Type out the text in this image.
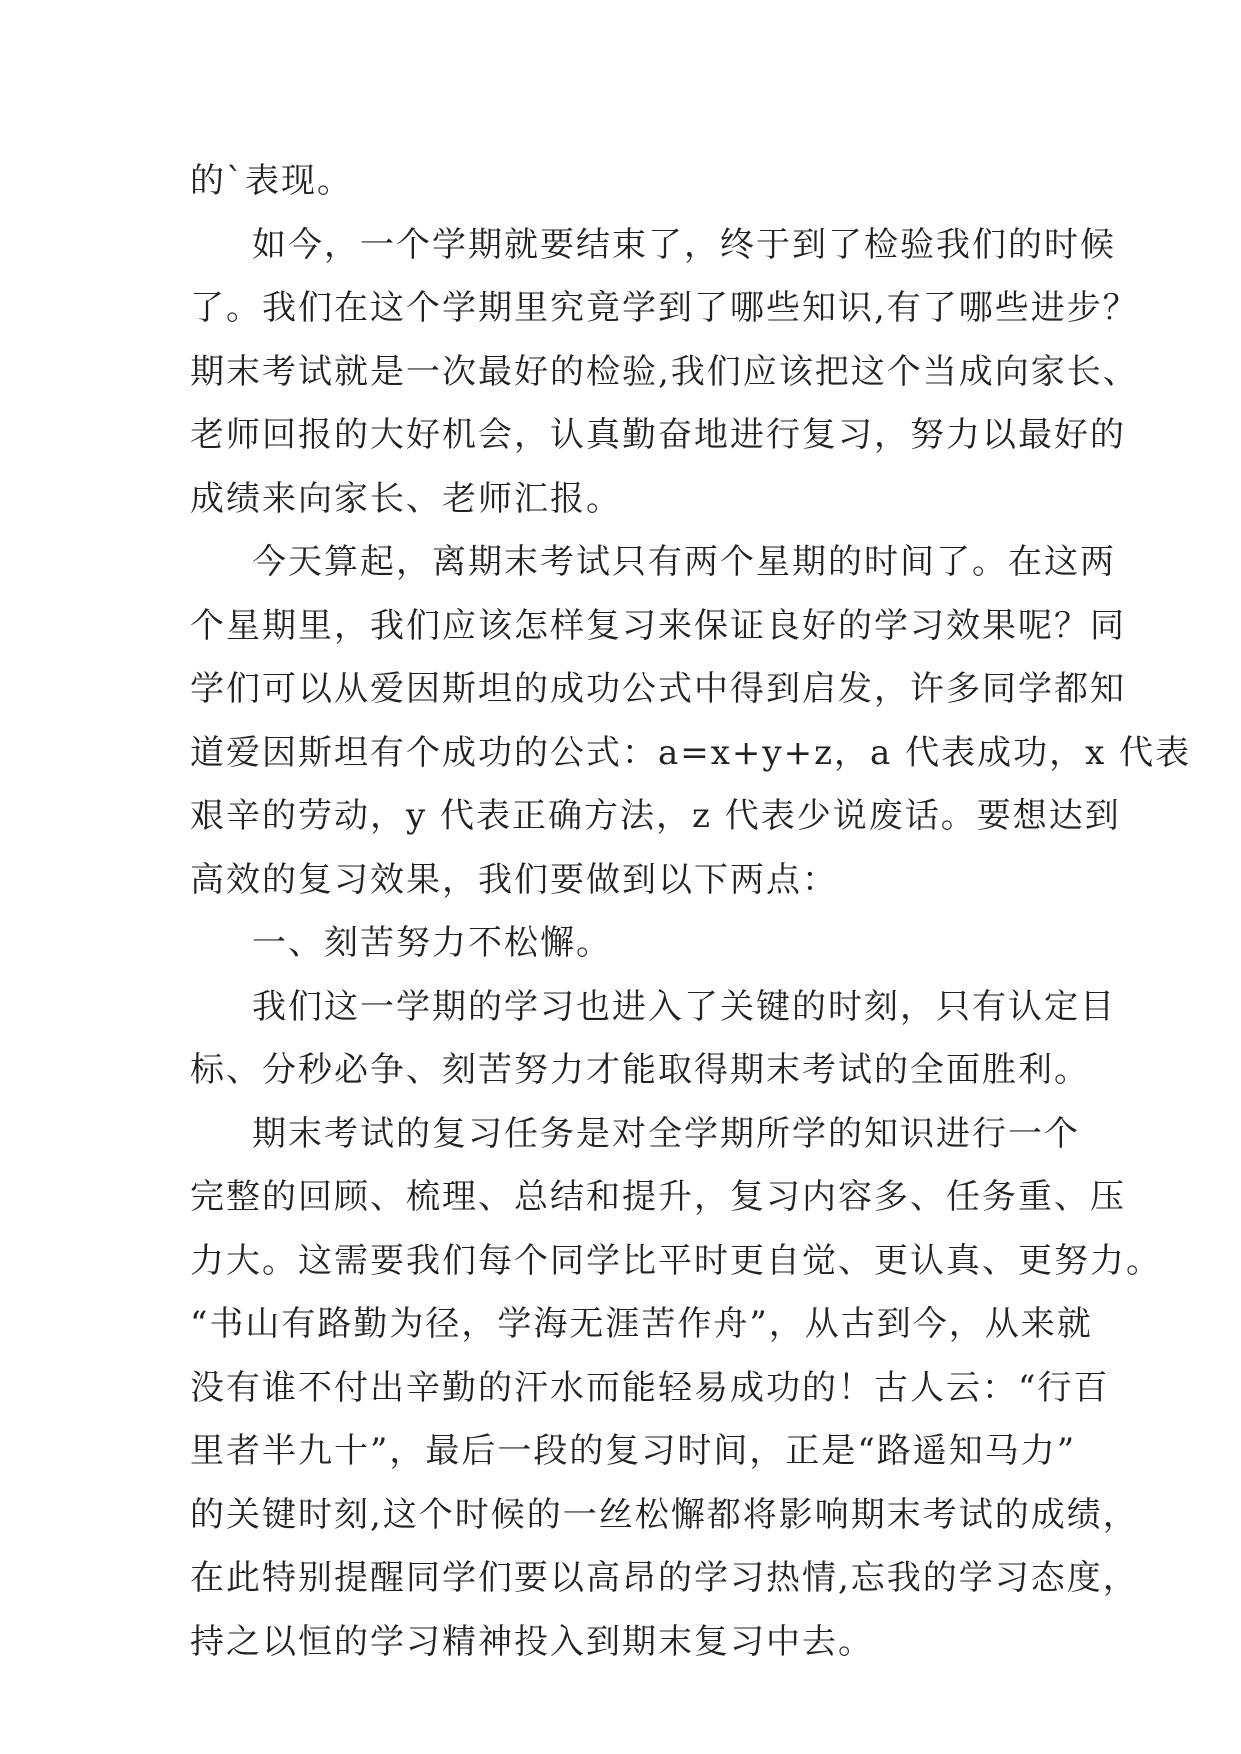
的`表现。
如今，一个学期就要结束了，终于到了检验我们的时候
了。我们在这个学期里究竟学到了哪些知识,有了哪些进步？
期末考试就是一次最好的检验,我们应该把这个当成向家长、
老师回报的大好机会，认真勤奋地进行复习，努力以最好的
成绩来向家长、老师汇报。
今天算起，离期末考试只有两个星期的时间了。在这两
个星期里，我们应该怎样复习来保证良好的学习效果呢？同
学们可以从爱因斯坦的成功公式中得到启发，许多同学都知
道爱因斯坦有个成功的公式：a=x+y+z，a 代表成功，x 代表
艰辛的劳动，y 代表正确方法，z 代表少说废话。要想达到
高效的复习效果，我们要做到以下两点：
一、刻苦努力不松懈。
我们这一学期的学习也进入了关键的时刻，只有认定目
标、分秒必争、刻苦努力才能取得期末考试的全面胜利。
期末考试的复习任务是对全学期所学的知识进行一个
完整的回顾、梳理、总结和提升，复习内容多、任务重、压
力大。这需要我们每个同学比平时更自觉、更认真、更努力。
“书山有路勤为径，学海无涯苦作舟”，从古到今，从来就
没有谁不付出辛勤的汗水而能轻易成功的！古人云：“行百
里者半九十”，最后一段的复习时间，正是“路遥知马力”
的关键时刻,这个时候的一丝松懈都将影响期末考试的成绩，
在此特别提醒同学们要以高昂的学习热情,忘我的学习态度，
持之以恒的学习精神投入到期末复习中去。
